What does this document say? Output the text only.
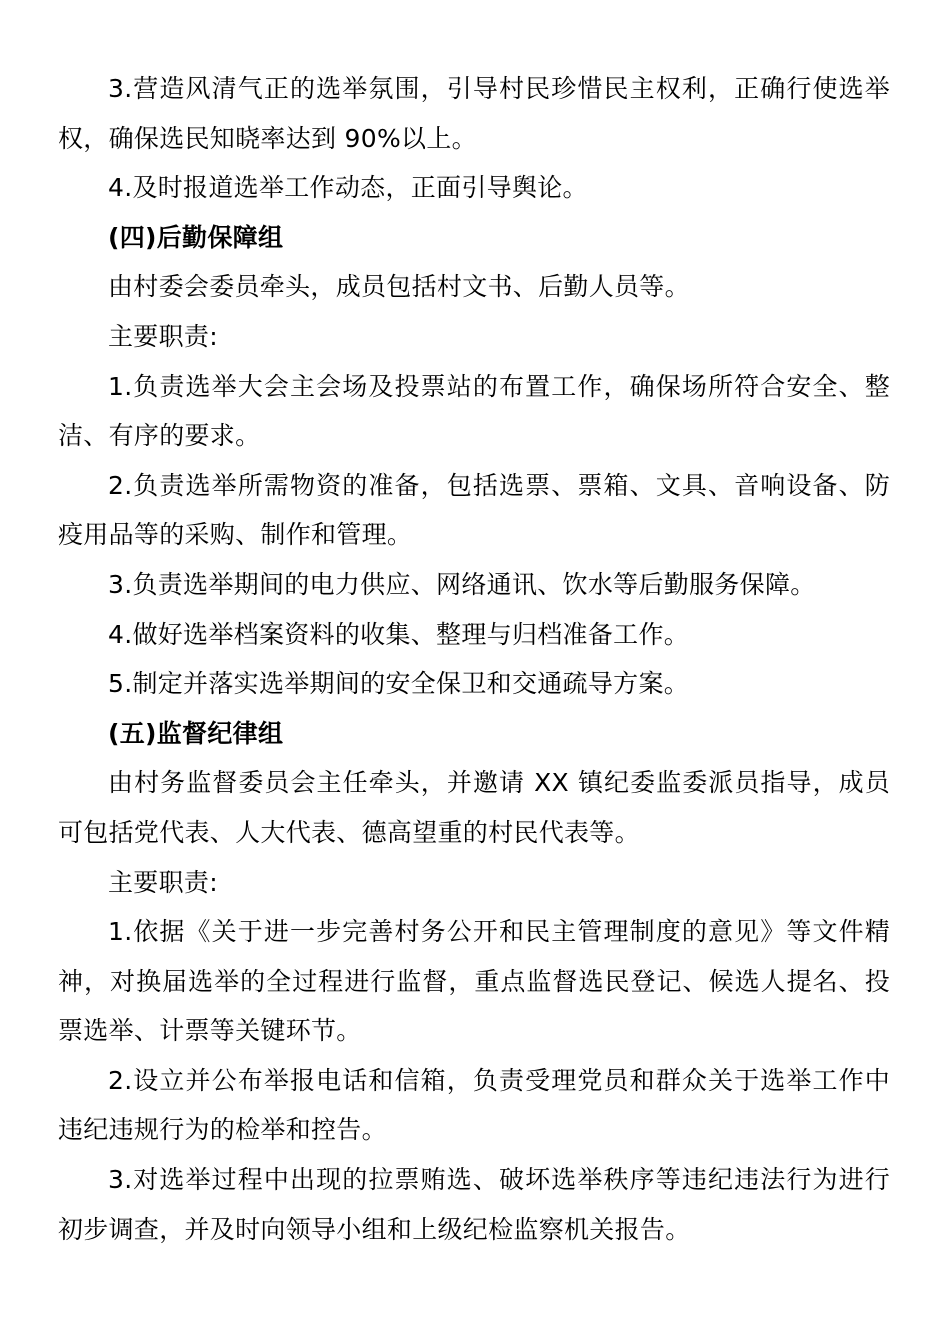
3.营造风清气正的选举氛围，引导村民珍惜民主权利，正确行使选举权，确保选民知晓率达到 90%以上。

4.及时报道选举工作动态，正面引导舆论。

(四)后勤保障组

由村委会委员牵头，成员包括村文书、后勤人员等。

主要职责:

1.负责选举大会主会场及投票站的布置工作，确保场所符合安全、整洁、有序的要求。

2.负责选举所需物资的准备，包括选票、票箱、文具、音响设备、防疫用品等的采购、制作和管理。

3.负责选举期间的电力供应、网络通讯、饮水等后勤服务保障。

4.做好选举档案资料的收集、整理与归档准备工作。

5.制定并落实选举期间的安全保卫和交通疏导方案。

(五)监督纪律组

由村务监督委员会主任牵头，并邀请 XX 镇纪委监委派员指导，成员可包括党代表、人大代表、德高望重的村民代表等。

主要职责:

1.依据《关于进一步完善村务公开和民主管理制度的意见》等文件精神，对换届选举的全过程进行监督，重点监督选民登记、候选人提名、投票选举、计票等关键环节。

2.设立并公布举报电话和信箱，负责受理党员和群众关于选举工作中违纪违规行为的检举和控告。

3.对选举过程中出现的拉票贿选、破坏选举秩序等违纪违法行为进行初步调查，并及时向领导小组和上级纪检监察机关报告。
